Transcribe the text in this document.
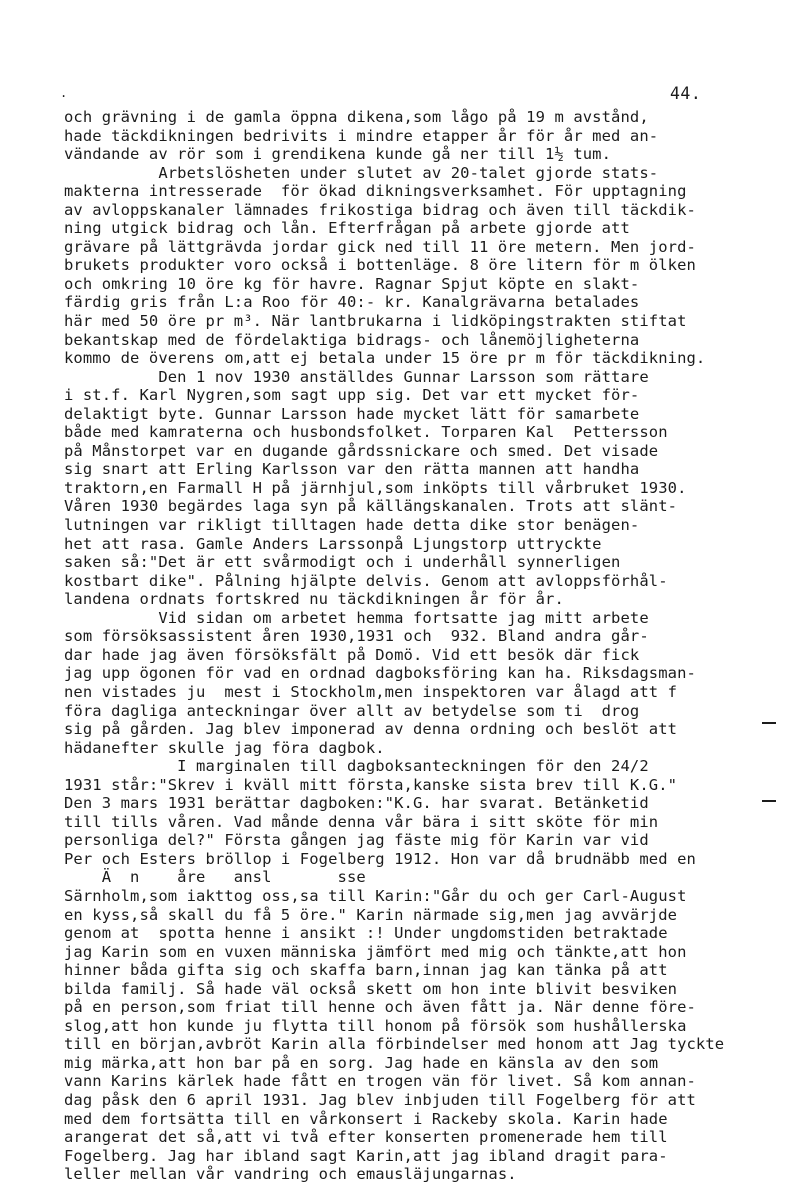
.	44.
och grävning i de gamla öppna dikena,som lågo på 19 m avstånd,
hade täckdikningen bedrivits i mindre etapper år för år med an-
vändande av rör som i grendikena kunde gå ner till 1½ tum.
Arbetslösheten under slutet av 20-talet gjorde stats-
makterna intresserade  för ökad dikningsverksamhet. För upptagning
av avloppskanaler lämnades frikostiga bidrag och även till täckdik-
ning utgick bidrag och lån. Efterfrågan på arbete gjorde att
grävare på lättgrävda jordar gick ned till 11 öre metern. Men jord-
brukets produkter voro också i bottenläge. 8 öre litern för m ölken
och omkring 10 öre kg för havre. Ragnar Spjut köpte en slakt-
färdig gris från L:a Roo för 40:- kr. Kanalgrävarna betalades
här med 50 öre pr m³. När lantbrukarna i lidköpingstrakten stiftat
bekantskap med de fördelaktiga bidrags- och lånemöjligheterna
kommo de överens om,att ej betala under 15 öre pr m för täckdikning.
Den 1 nov 1930 anställdes Gunnar Larsson som rättare
i st.f. Karl Nygren,som sagt upp sig. Det var ett mycket för-
delaktigt byte. Gunnar Larsson hade mycket lätt för samarbete
både med kamraterna och husbondsfolket. Torparen Kal  Pettersson
på Månstorpet var en dugande gårdssnickare och smed. Det visade
sig snart att Erling Karlsson var den rätta mannen att handha
traktorn,en Farmall H på järnhjul,som inköpts till vårbruket 1930.
Våren 1930 begärdes laga syn på källängskanalen. Trots att slänt-
lutningen var rikligt tilltagen hade detta dike stor benägen-
het att rasa. Gamle Anders Larssonpå Ljungstorp uttryckte
saken så:"Det är ett svårmodigt och i underhåll synnerligen
kostbart dike". Pålning hjälpte delvis. Genom att avloppsförhål-
landena ordnats fortskred nu täckdikningen år för år.
Vid sidan om arbetet hemma fortsatte jag mitt arbete
som försöksassistent åren 1930,1931 och  932. Bland andra går-
dar hade jag även försöksfält på Domö. Vid ett besök där fick
jag upp ögonen för vad en ordnad dagboksföring kan ha. Riksdagsman-
nen vistades ju  mest i Stockholm,men inspektoren var ålagd att f
föra dagliga anteckningar över allt av betydelse som ti  drog
sig på gården. Jag blev imponerad av denna ordning och beslöt att
hädanefter skulle jag föra dagbok.
I marginalen till dagboksanteckningen för den 24/2
1931 står:"Skrev i kväll mitt första,kanske sista brev till K.G."
Den 3 mars 1931 berättar dagboken:"K.G. har svarat. Betänketid
till tills våren. Vad månde denna vår bära i sitt sköte för min
personliga del?" Första gången jag fäste mig för Karin var vid
Per och Esters bröllop i Fogelberg 1912. Hon var då brudnäbb med en
Ä  n    åre   ansl       sse
Särnholm,som iakttog oss,sa till Karin:"Går du och ger Carl-August
en kyss,så skall du få 5 öre." Karin närmade sig,men jag avvärjde
genom at  spotta henne i ansikt :! Under ungdomstiden betraktade
jag Karin som en vuxen människa jämfört med mig och tänkte,att hon
hinner båda gifta sig och skaffa barn,innan jag kan tänka på att
bilda familj. Så hade väl också skett om hon inte blivit besviken
på en person,som friat till henne och även fått ja. När denne före-
slog,att hon kunde ju flytta till honom på försök som hushållerska
till en början,avbröt Karin alla förbindelser med honom att Jag tyckte
mig märka,att hon bar på en sorg. Jag hade en känsla av den som
vann Karins kärlek hade fått en trogen vän för livet. Så kom annan-
dag påsk den 6 april 1931. Jag blev inbjuden till Fogelberg för att
med dem fortsätta till en vårkonsert i Rackeby skola. Karin hade
arangerat det så,att vi två efter konserten promenerade hem till
Fogelberg. Jag har ibland sagt Karin,att jag ibland dragit para-
leller mellan vår vandring och emausläjungarnas.
